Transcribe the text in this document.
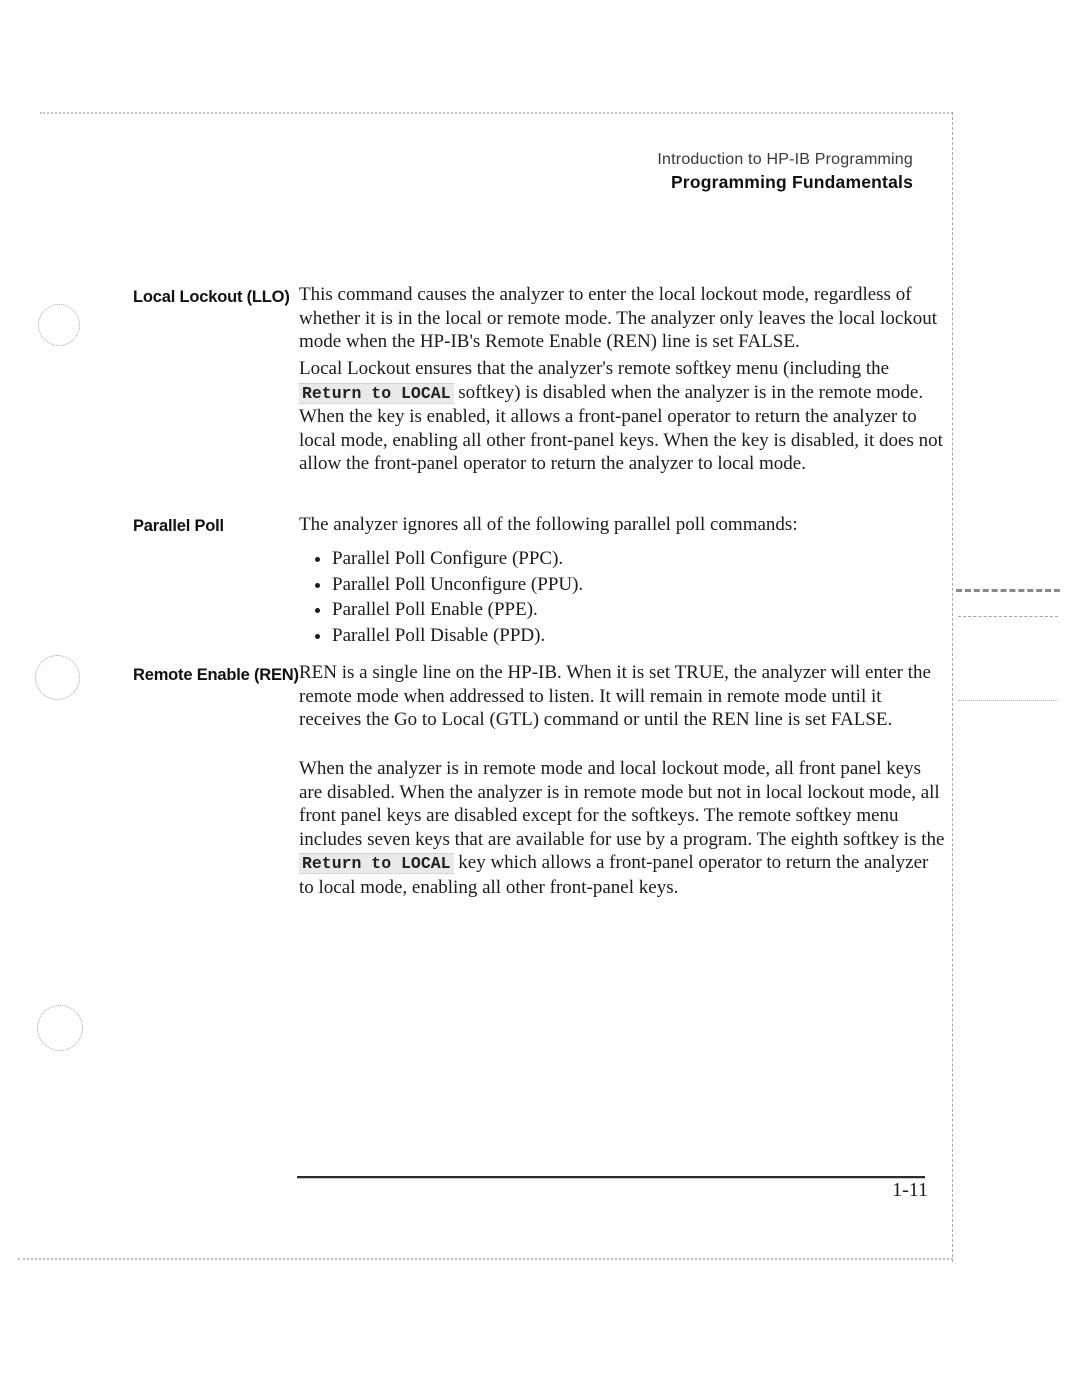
Introduction to HP-IB Programming
Programming Fundamentals
Local Lockout (LLO) This command causes the analyzer to enter the local lockout mode, regardless of whether it is in the local or remote mode. The analyzer only leaves the local lockout mode when the HP-IB's Remote Enable (REN) line is set FALSE.
Local Lockout ensures that the analyzer's remote softkey menu (including the Return to LOCAL softkey) is disabled when the analyzer is in the remote mode. When the key is enabled, it allows a front-panel operator to return the analyzer to local mode, enabling all other front-panel keys. When the key is disabled, it does not allow the front-panel operator to return the analyzer to local mode.
Parallel Poll	The analyzer ignores all of the following parallel poll commands:
• Parallel Poll Configure (PPC).
• Parallel Poll Unconfigure (PPU).
• Parallel Poll Enable (PPE).
• Parallel Poll Disable (PPD).
Remote Enable (REN) REN is a single line on the HP-IB. When it is set TRUE, the analyzer will enter the remote mode when addressed to listen. It will remain in remote mode until it receives the Go to Local (GTL) command or until the REN line is set FALSE.
When the analyzer is in remote mode and local lockout mode, all front panel keys are disabled. When the analyzer is in remote mode but not in local lockout mode, all front panel keys are disabled except for the softkeys. The remote softkey menu includes seven keys that are available for use by a program. The eighth softkey is the Return to LOCAL key which allows a front-panel operator to return the analyzer to local mode, enabling all other front-panel keys.
1-11
